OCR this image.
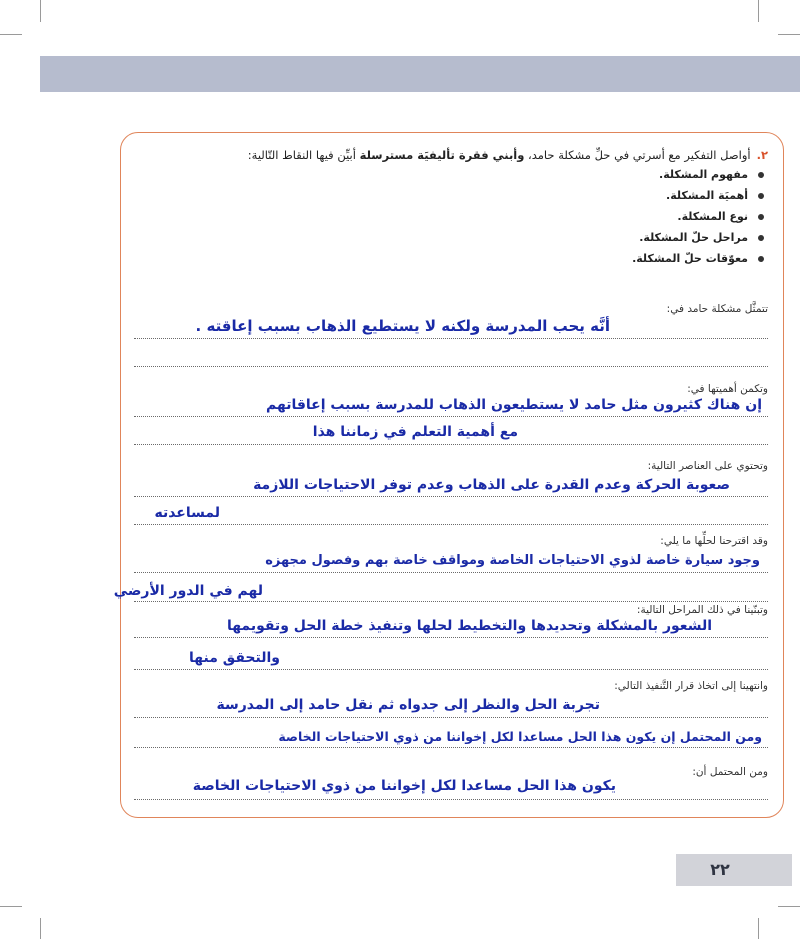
٢.أواصل التفكير مع أسرتي في حلِّ مشكلة حامد، وأبني فقرة تأليفيَة مسترسلة أبيِّن فيها النقاط التّالية:
مفهوم المشكلة.
أهميَة المشكلة.
نوع المشكلة.
مراحل حلّ المشكلة.
معوّقات حلّ المشكلة.
تتمثَّل مشكلة حامد في:
أنَّه يحب المدرسة ولكنه لا يستطيع الذهاب بسبب إعاقته .
وتكمن أهميتها في:
إن هناك كثيرون مثل حامد لا يستطيعون الذهاب للمدرسة بسبب إعاقاتهم
مع أهمية التعلم في زماننا هذا
وتحتوي على العناصر التالية:
صعوبة الحركة وعدم القدرة على الذهاب وعدم توفر الاحتياجات اللازمة
لمساعدته
وقد اقترحنا لحلِّها ما يلي:
وجود سيارة خاصة لذوي الاحتياجات الخاصة ومواقف خاصة بهم وفصول مجهزه
لهم في الدور الأرضي
وتبنّينا في ذلك المراحل التالية:
الشعور بالمشكلة وتحديدها والتخطيط لحلها وتنفيذ خطة الحل وتقويمها
والتحقق منها
وانتهينا إلى اتخاذ قرار التَّنفيذ التالي:
تجربة الحل والنظر إلى جدواه ثم نقل حامد إلى المدرسة
ومن المحتمل إن يكون هذا الحل مساعدا لكل إخواننا من ذوي الاحتياجات الخاصة
ومن المحتمل أن:
يكون هذا الحل مساعدا لكل إخواننا من ذوي الاحتياجات الخاصة
٢٢
